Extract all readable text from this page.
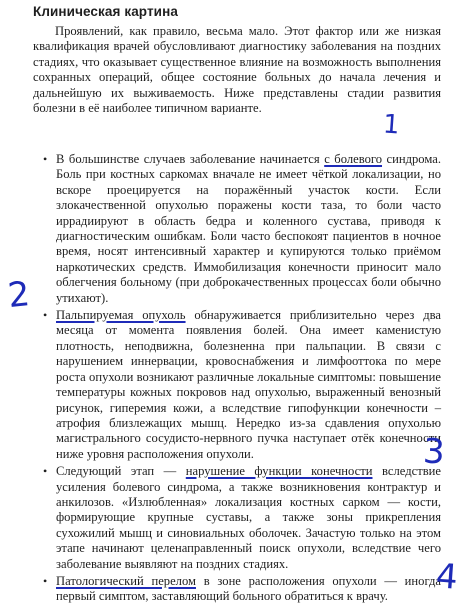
Клиническая картина

Проявлений, как правило, весьма мало. Этот фактор или же низкая квалификация врачей обусловливают диагностику заболевания на поздних стадиях, что оказывает существенное влияние на возможность выполнения сохранных операций, общее состояние больных до начала лечения и дальнейшую их выживаемость. Ниже представлены стадии развития болезни в её наиболее типичном варианте.

• В большинстве случаев заболевание начинается с болевого синдрома. Боль при костных саркомах вначале не имеет чёткой локализации, но вскоре проецируется на поражённый участок кости. Если злокачественной опухолью поражены кости таза, то боли часто иррадиируют в область бедра и коленного сустава, приводя к диагностическим ошибкам. Боли часто беспокоят пациентов в ночное время, носят интенсивный характер и купируются только приёмом наркотических средств. Иммобилизация конечности приносит мало облегчения больному (при доброкачественных процессах боли обычно утихают).
• Пальпируемая опухоль обнаруживается приблизительно через два месяца от момента появления болей. Она имеет каменистую плотность, неподвижна, болезненна при пальпации. В связи с нарушением иннервации, кровоснабжения и лимфооттока по мере роста опухоли возникают различные локальные симптомы: повышение температуры кожных покровов над опухолью, выраженный венозный рисунок, гиперемия кожи, а вследствие гипофункции конечности – атрофия близлежащих мышц. Нередко из-за сдавления опухолью магистрального сосудисто-нервного пучка наступает отёк конечности ниже уровня расположения опухоли.
• Следующий этап — нарушение функции конечности вследствие усиления болевого синдрома, а также возникновения контрактур и анкилозов. «Излюбленная» локализация костных сарком — кости, формирующие крупные суставы, а также зоны прикрепления сухожилий мышц и синовиальных оболочек. Зачастую только на этом этапе начинают целенаправленный поиск опухоли, вследствие чего заболевание выявляют на поздних стадиях.
• Патологический перелом в зоне расположения опухоли — иногда первый симптом, заставляющий больного обратиться к врачу.
1
2
3
4
